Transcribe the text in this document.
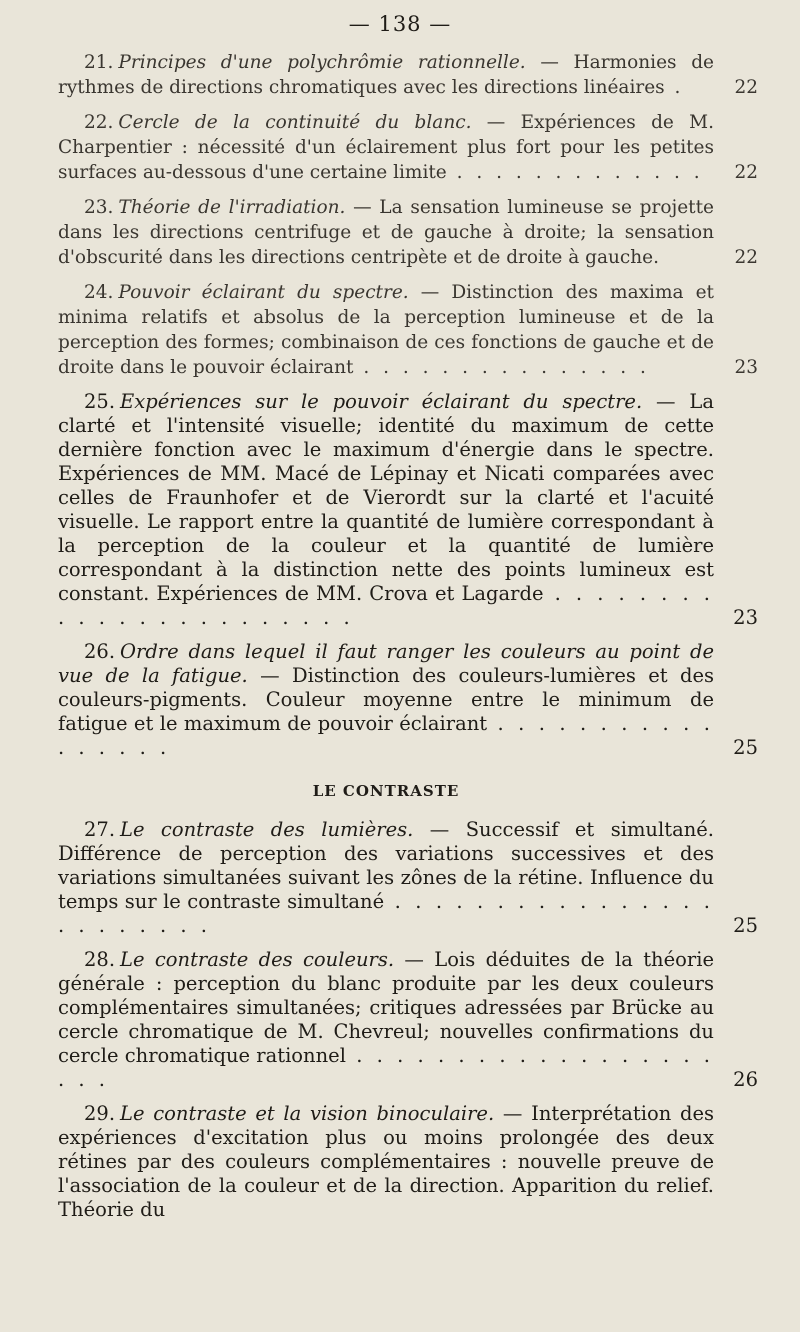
— 138 —
21. Principes d'une polychrômie rationnelle. — Harmonies de rythmes de directions chromatiques avec les directions linéaires .	22
22. Cercle de la continuité du blanc. — Expériences de M. Charpentier : nécessité d'un éclairement plus fort pour les petites surfaces au-dessous d'une certaine limite . . . . . . . . . . . . .	22
23. Théorie de l'irradiation. — La sensation lumineuse se projette dans les directions centrifuge et de gauche à droite; la sensation d'obscurité dans les directions centripète et de droite à gauche.	22
24. Pouvoir éclairant du spectre. — Distinction des maxima et minima relatifs et absolus de la perception lumineuse et de la perception des formes; combinaison de ces fonctions de gauche et de droite dans le pouvoir éclairant . . . . . . . . . . . . . . .	23
25. Expériences sur le pouvoir éclairant du spectre. — La clarté et l'intensité visuelle; identité du maximum de cette dernière fonction avec le maximum d'énergie dans le spectre. Expériences de MM. Macé de Lépinay et Nicati comparées avec celles de Fraunhofer et de Vierordt sur la clarté et l'acuité visuelle. Le rapport entre la quantité de lumière correspondant à la perception de la couleur et la quantité de lumière correspondant à la distinction nette des points lumineux est constant. Expériences de MM. Crova et Lagarde . . . . . . . . . . . . . . . . . . . . . . .	23
26. Ordre dans lequel il faut ranger les couleurs au point de vue de la fatigue. — Distinction des couleurs-lumières et des couleurs-pigments. Couleur moyenne entre le minimum de fatigue et le maximum de pouvoir éclairant . . . . . . . . . . . . . . . . .	25
LE CONTRASTE
27. Le contraste des lumières. — Successif et simultané. Différence de perception des variations successives et des variations simultanées suivant les zônes de la rétine. Influence du temps sur le contraste simultané . . . . . . . . . . . . . . . . . . . . . . . .	25
28. Le contraste des couleurs. — Lois déduites de la théorie générale : perception du blanc produite par les deux couleurs complémentaires simultanées; critiques adressées par Brücke au cercle chromatique de M. Chevreul; nouvelles confirmations du cercle chromatique rationnel . . . . . . . . . . . . . . . . . . . . .	26
29. Le contraste et la vision binoculaire. — Interprétation des expériences d'excitation plus ou moins prolongée des deux rétines par des couleurs complémentaires : nouvelle preuve de l'association de la couleur et de la direction. Apparition du relief. Théorie du
